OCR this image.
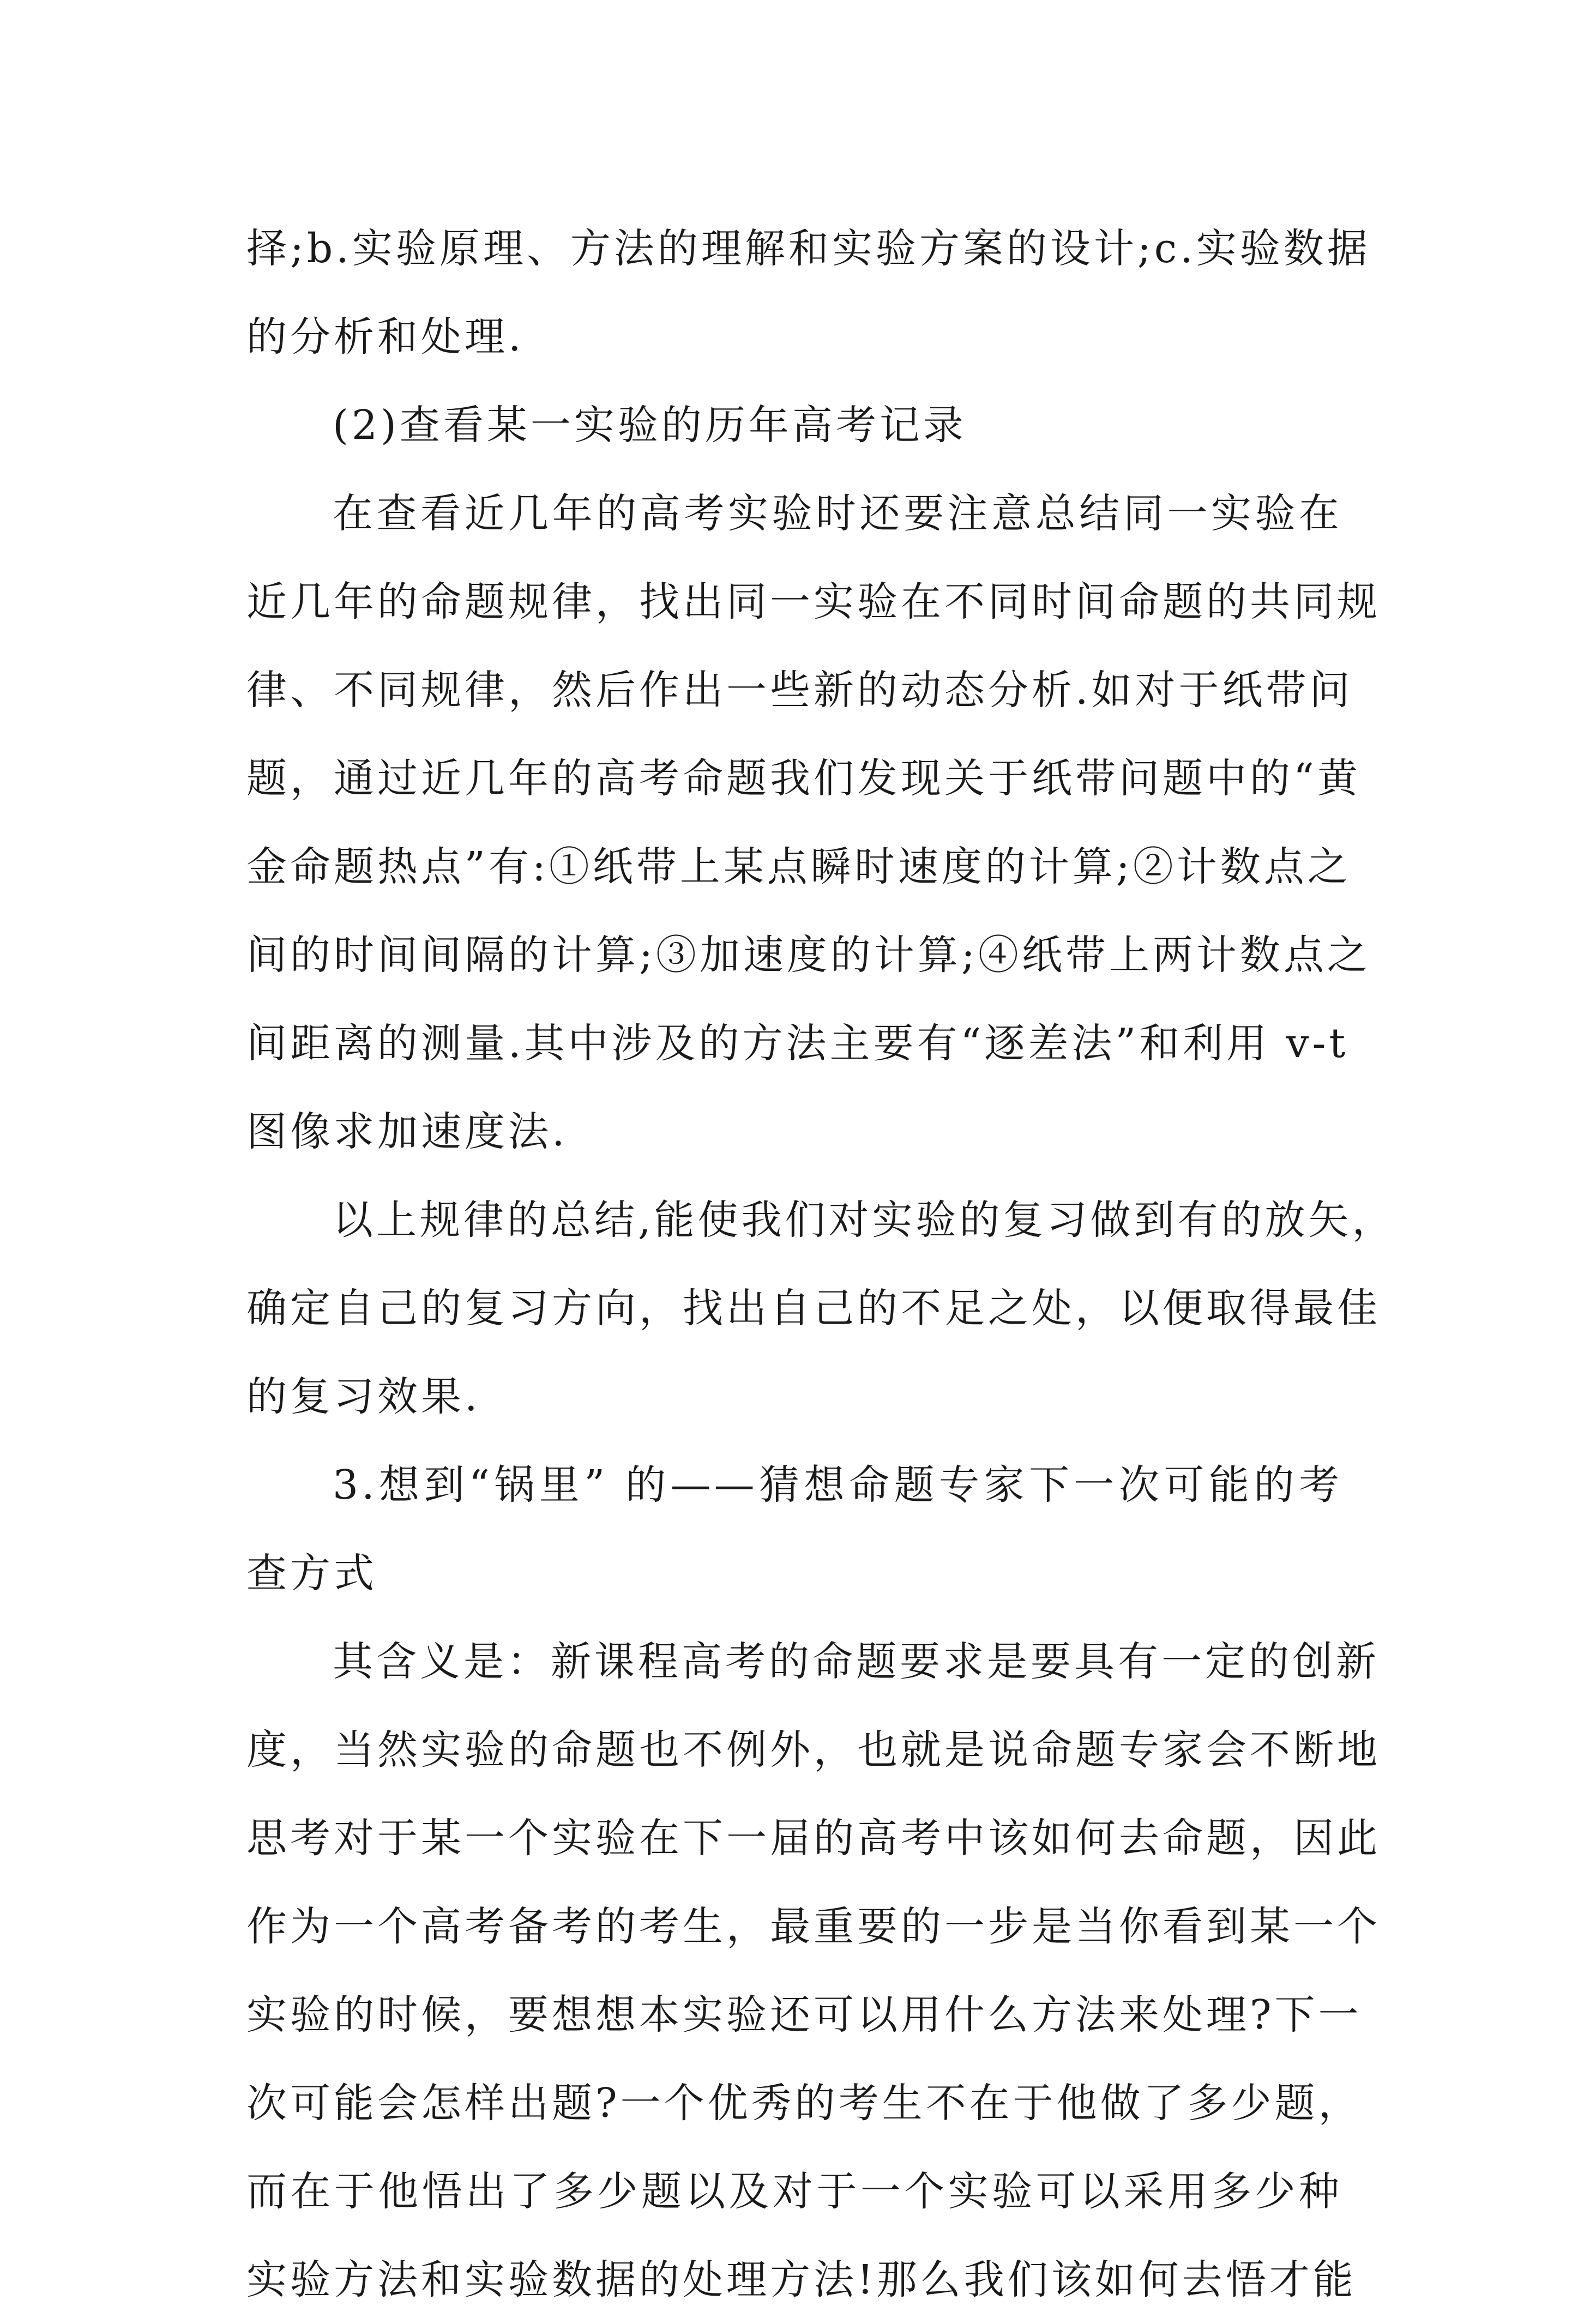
择;b.实验原理、方法的理解和实验方案的设计;c.实验数据
的分析和处理.
(2)查看某一实验的历年高考记录
在查看近几年的高考实验时还要注意总结同一实验在
近几年的命题规律，找出同一实验在不同时间命题的共同规
律、不同规律，然后作出一些新的动态分析.如对于纸带问
题，通过近几年的高考命题我们发现关于纸带问题中的“黄
金命题热点”有:①纸带上某点瞬时速度的计算;②计数点之
间的时间间隔的计算;③加速度的计算;④纸带上两计数点之
间距离的测量.其中涉及的方法主要有“逐差法”和利用 v-t
图像求加速度法.
以上规律的总结,能使我们对实验的复习做到有的放矢，
确定自己的复习方向，找出自己的不足之处，以便取得最佳
的复习效果.
3.想到“锅里” 的——猜想命题专家下一次可能的考
查方式
其含义是：新课程高考的命题要求是要具有一定的创新
度，当然实验的命题也不例外，也就是说命题专家会不断地
思考对于某一个实验在下一届的高考中该如何去命题，因此
作为一个高考备考的考生，最重要的一步是当你看到某一个
实验的时候，要想想本实验还可以用什么方法来处理?下一
次可能会怎样出题?一个优秀的考生不在于他做了多少题，
而在于他悟出了多少题以及对于一个实验可以采用多少种
实验方法和实验数据的处理方法!那么我们该如何去悟才能
